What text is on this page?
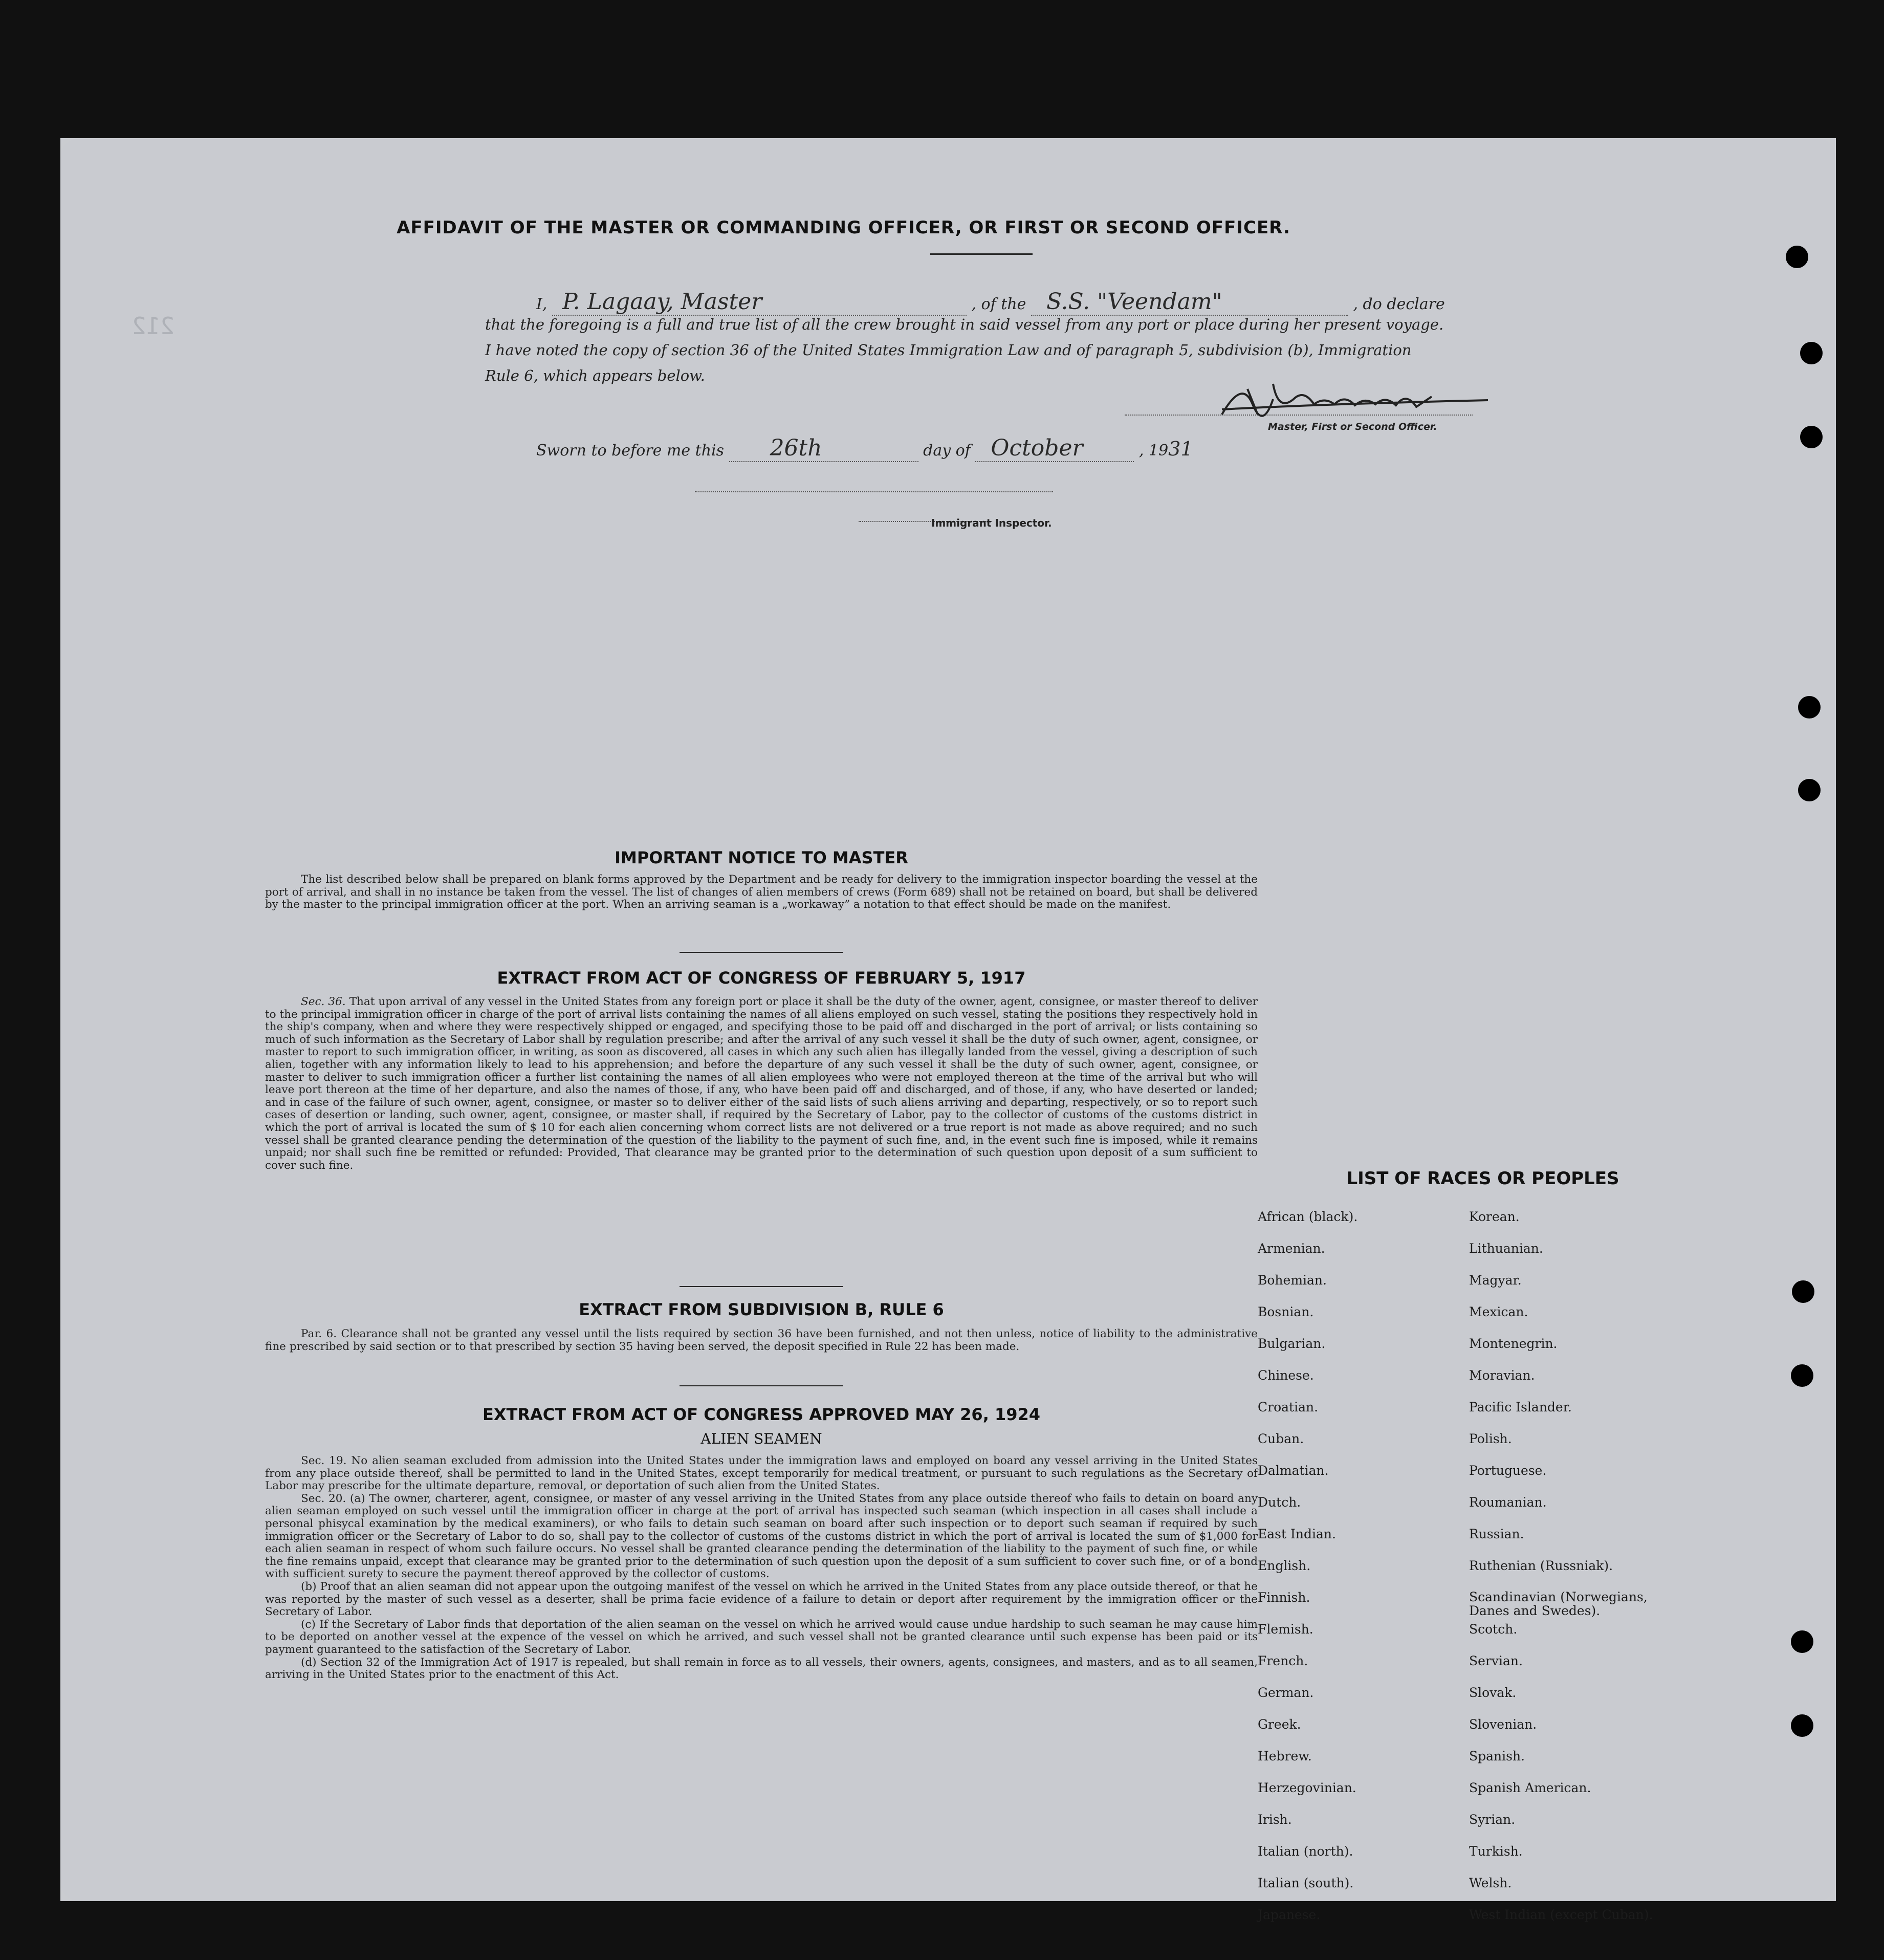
212
AFFIDAVIT OF THE MASTER OR COMMANDING OFFICER, OR FIRST OR SECOND OFFICER.
I, P. Lagaay, Master	, of the S.S. "Veendam"	, do declare
that the foregoing is a full and true list of all the crew brought in said vessel from any port or place during her present voyage.
I have noted the copy of section 36 of the United States Immigration Law and of paragraph 5, subdivision (b), Immigration
Rule 6, which appears below.
Master, First or Second Officer.
Sworn to before me this 26th	day of October	, 1931
Immigrant Inspector.
IMPORTANT NOTICE TO MASTER
The list described below shall be prepared on blank forms approved by the Department and be ready for delivery to the immigration inspector boarding the vessel at the port of arrival, and shall in no instance be taken from the vessel. The list of changes of alien members of crews (Form 689) shall not be retained on board, but shall be delivered by the master to the principal immigration officer at the port. When an arriving seaman is a „workaway” a notation to that effect should be made on the manifest.
EXTRACT FROM ACT OF CONGRESS OF FEBRUARY 5, 1917
Sec. 36. That upon arrival of any vessel in the United States from any foreign port or place it shall be the duty of the owner, agent, consignee, or master thereof to deliver to the principal immigration officer in charge of the port of arrival lists containing the names of all aliens employed on such vessel, stating the positions they respectively hold in the ship's company, when and where they were respectively shipped or engaged, and specifying those to be paid off and discharged in the port of arrival; or lists containing so much of such information as the Secretary of Labor shall by regulation prescribe; and after the arrival of any such vessel it shall be the duty of such owner, agent, consignee, or master to report to such immigration officer, in writing, as soon as discovered, all cases in which any such alien has illegally landed from the vessel, giving a description of such alien, together with any information likely to lead to his apprehension; and before the departure of any such vessel it shall be the duty of such owner, agent, consignee, or master to deliver to such immigration officer a further list containing the names of all alien employees who were not employed thereon at the time of the arrival but who will leave port thereon at the time of her departure, and also the names of those, if any, who have been paid off and discharged, and of those, if any, who have deserted or landed; and in case of the failure of such owner, agent, consignee, or master so to deliver either of the said lists of such aliens arriving and departing, respectively, or so to report such cases of desertion or landing, such owner, agent, consignee, or master shall, if required by the Secretary of Labor, pay to the collector of customs of the customs district in which the port of arrival is located the sum of $ 10 for each alien concerning whom correct lists are not delivered or a true report is not made as above required; and no such vessel shall be granted clearance pending the determination of the question of the liability to the payment of such fine, and, in the event such fine is imposed, while it remains unpaid; nor shall such fine be remitted or refunded: Provided, That clearance may be granted prior to the determination of such question upon deposit of a sum sufficient to cover such fine.
EXTRACT FROM SUBDIVISION B, RULE 6
Par. 6. Clearance shall not be granted any vessel until the lists required by section 36 have been furnished, and not then unless, notice of liability to the administrative fine prescribed by said section or to that prescribed by section 35 having been served, the deposit specified in Rule 22 has been made.
EXTRACT FROM ACT OF CONGRESS APPROVED MAY 26, 1924
ALIEN SEAMEN
Sec. 19. No alien seaman excluded from admission into the United States under the immigration laws and employed on board any vessel arriving in the United States from any place outside thereof, shall be permitted to land in the United States, except temporarily for medical treatment, or pursuant to such regulations as the Secretary of Labor may prescribe for the ultimate departure, removal, or deportation of such alien from the United States.
Sec. 20. (a) The owner, charterer, agent, consignee, or master of any vessel arriving in the United States from any place outside thereof who fails to detain on board any alien seaman employed on such vessel until the immigration officer in charge at the port of arrival has inspected such seaman (which inspection in all cases shall include a personal phisycal examination by the medical examiners), or who fails to detain such seaman on board after such inspection or to deport such seaman if required by such immigration officer or the Secretary of Labor to do so, shall pay to the collector of customs of the customs district in which the port of arrival is located the sum of $1,000 for each alien seaman in respect of whom such failure occurs. No vessel shall be granted clearance pending the determination of the liability to the payment of such fine, or while the fine remains unpaid, except that clearance may be granted prior to the determination of such question upon the deposit of a sum sufficient to cover such fine, or of a bond with sufficient surety to secure the payment thereof approved by the collector of customs.
(b) Proof that an alien seaman did not appear upon the outgoing manifest of the vessel on which he arrived in the United States from any place outside thereof, or that he was reported by the master of such vessel as a deserter, shall be prima facie evidence of a failure to detain or deport after requirement by the immigration officer or the Secretary of Labor.
(c) If the Secretary of Labor finds that deportation of the alien seaman on the vessel on which he arrived would cause undue hardship to such seaman he may cause him to be deported on another vessel at the expence of the vessel on which he arrived, and such vessel shall not be granted clearance until such expense has been paid or its payment guaranteed to the satisfaction of the Secretary of Labor.
(d) Section 32 of the Immigration Act of 1917 is repealed, but shall remain in force as to all vessels, their owners, agents, consignees, and masters, and as to all seamen, arriving in the United States prior to the enactment of this Act.
LIST OF RACES OR PEOPLES
African (black).
Armenian.
Bohemian.
Bosnian.
Bulgarian.
Chinese.
Croatian.
Cuban.
Dalmatian.
Dutch.
East Indian.
English.
Finnish.
Flemish.
French.
German.
Greek.
Hebrew.
Herzegovinian.
Irish.
Italian (north).
Italian (south).
Japanese.
Korean.
Lithuanian.
Magyar.
Mexican.
Montenegrin.
Moravian.
Pacific Islander.
Polish.
Portuguese.
Roumanian.
Russian.
Ruthenian (Russniak).
Scandinavian (Norwegians, Danes and Swedes).
Scotch.
Servian.
Slovak.
Slovenian.
Spanish.
Spanish American.
Syrian.
Turkish.
Welsh.
West Indian (except Cuban).
